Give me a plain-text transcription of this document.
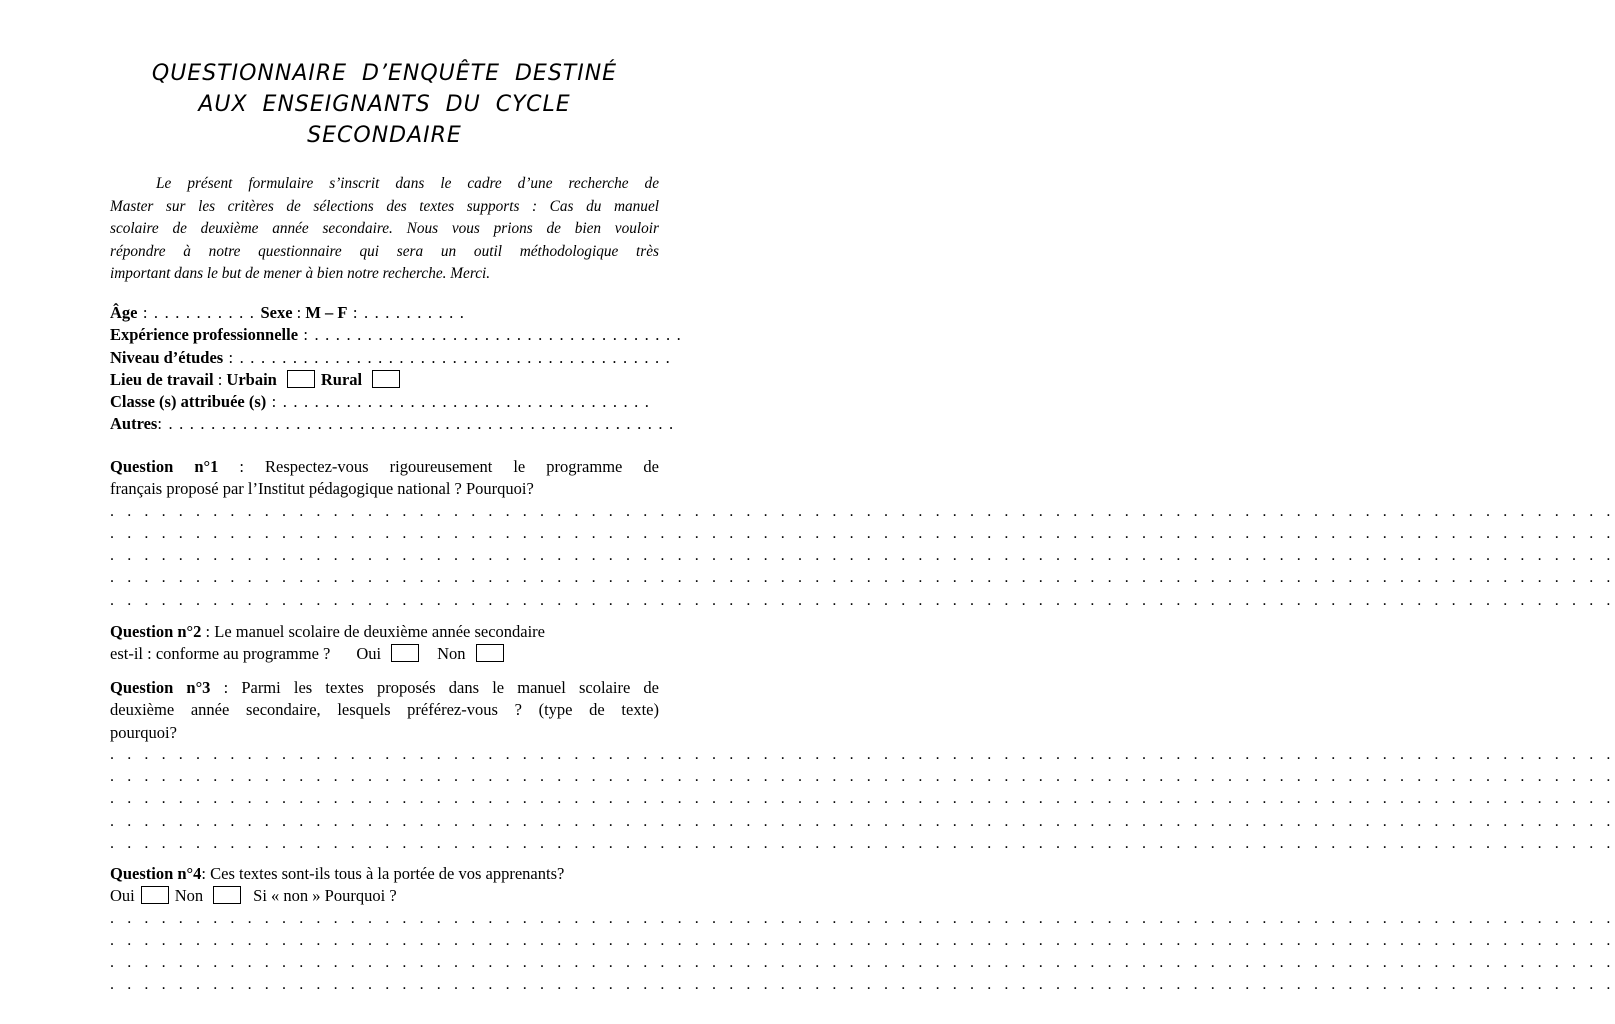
QUESTIONNAIRE D’ENQUÊTE DESTINÉ
AUX ENSEIGNANTS DU CYCLE
SECONDAIRE
Le présent formulaire s’inscrit dans le cadre d’une recherche de
Master sur les critères de sélections des textes supports : Cas du manuel
scolaire de deuxième année secondaire. Nous vous prions de bien vouloir
répondre à notre questionnaire qui sera un outil méthodologique très
important dans le but de mener à bien notre recherche. Merci.
Âge : . . . . . . . . . . Sexe : M – F : . . . . . . . . . .
Expérience professionnelle : . . . . . . . . . . . . . . . . . . . . . . . . . . . . . . . . . . .
Niveau d’études : . . . . . . . . . . . . . . . . . . . . . . . . . . . . . . . . . . . . . . . . .
Lieu de travail : Urbain	Rural
Classe (s) attribuée (s) : . . . . . . . . . . . . . . . . . . . . . . . . . . . . . . . . . . .
Autres: . . . . . . . . . . . . . . . . . . . . . . . . . . . . . . . . . . . . . . . . . . . . . . . .
Question n°1 : Respectez-vous rigoureusement le programme de
français proposé par l’Institut pédagogique national ? Pourquoi?
. . . . . . . . . . . . . . . . . . . . . . . . . . . . . . . . . . . . . . . . . . . . . . . . . . . . . . . . . . . . . . . . . . . . . . . . . . . . . . . . . . . . . . . .
. . . . . . . . . . . . . . . . . . . . . . . . . . . . . . . . . . . . . . . . . . . . . . . . . . . . . . . . . . . . . . . . . . . . . . . . . . . . . . . . . . . . . . . .
. . . . . . . . . . . . . . . . . . . . . . . . . . . . . . . . . . . . . . . . . . . . . . . . . . . . . . . . . . . . . . . . . . . . . . . . . . . . . . . . . . . . . . . .
. . . . . . . . . . . . . . . . . . . . . . . . . . . . . . . . . . . . . . . . . . . . . . . . . . . . . . . . . . . . . . . . . . . . . . . . . . . . . . . . . . . . . . . .
. . . . . . . . . . . . . . . . . . . . . . . . . . . . . . . . . . . . . . . . . . . . . . . . . . . . . . . . . . . . . . . . . . . . . . . . . . . . . . . . . . . . . . . .
Question n°2 : Le manuel scolaire de deuxième année secondaire
est-il : conforme au programme ? Oui	Non
Question n°3 : Parmi les textes proposés dans le manuel scolaire de
deuxième année secondaire, lesquels préférez-vous ? (type de texte)
pourquoi?
. . . . . . . . . . . . . . . . . . . . . . . . . . . . . . . . . . . . . . . . . . . . . . . . . . . . . . . . . . . . . . . . . . . . . . . . . . . . . . . . . . . . . . . .
. . . . . . . . . . . . . . . . . . . . . . . . . . . . . . . . . . . . . . . . . . . . . . . . . . . . . . . . . . . . . . . . . . . . . . . . . . . . . . . . . . . . . . . .
. . . . . . . . . . . . . . . . . . . . . . . . . . . . . . . . . . . . . . . . . . . . . . . . . . . . . . . . . . . . . . . . . . . . . . . . . . . . . . . . . . . . . . . .
. . . . . . . . . . . . . . . . . . . . . . . . . . . . . . . . . . . . . . . . . . . . . . . . . . . . . . . . . . . . . . . . . . . . . . . . . . . . . . . . . . . . . . . .
. . . . . . . . . . . . . . . . . . . . . . . . . . . . . . . . . . . . . . . . . . . . . . . . . . . . . . . . . . . . . . . . . . . . . . . . . . . . . . . . . . . . . . . .
Question n°4: Ces textes sont-ils tous à la portée de vos apprenants?
Oui Non	Si « non » Pourquoi ?
. . . . . . . . . . . . . . . . . . . . . . . . . . . . . . . . . . . . . . . . . . . . . . . . . . . . . . . . . . . . . . . . . . . . . . . . . . . . . . . . . . . . . . . .
. . . . . . . . . . . . . . . . . . . . . . . . . . . . . . . . . . . . . . . . . . . . . . . . . . . . . . . . . . . . . . . . . . . . . . . . . . . . . . . . . . . . . . . .
. . . . . . . . . . . . . . . . . . . . . . . . . . . . . . . . . . . . . . . . . . . . . . . . . . . . . . . . . . . . . . . . . . . . . . . . . . . . . . . . . . . . . . . .
. . . . . . . . . . . . . . . . . . . . . . . . . . . . . . . . . . . . . . . . . . . . . . . . . . . . . . . . . . . . . . . . . . . . . . . . . . . . . . . . . . . . . . . .
